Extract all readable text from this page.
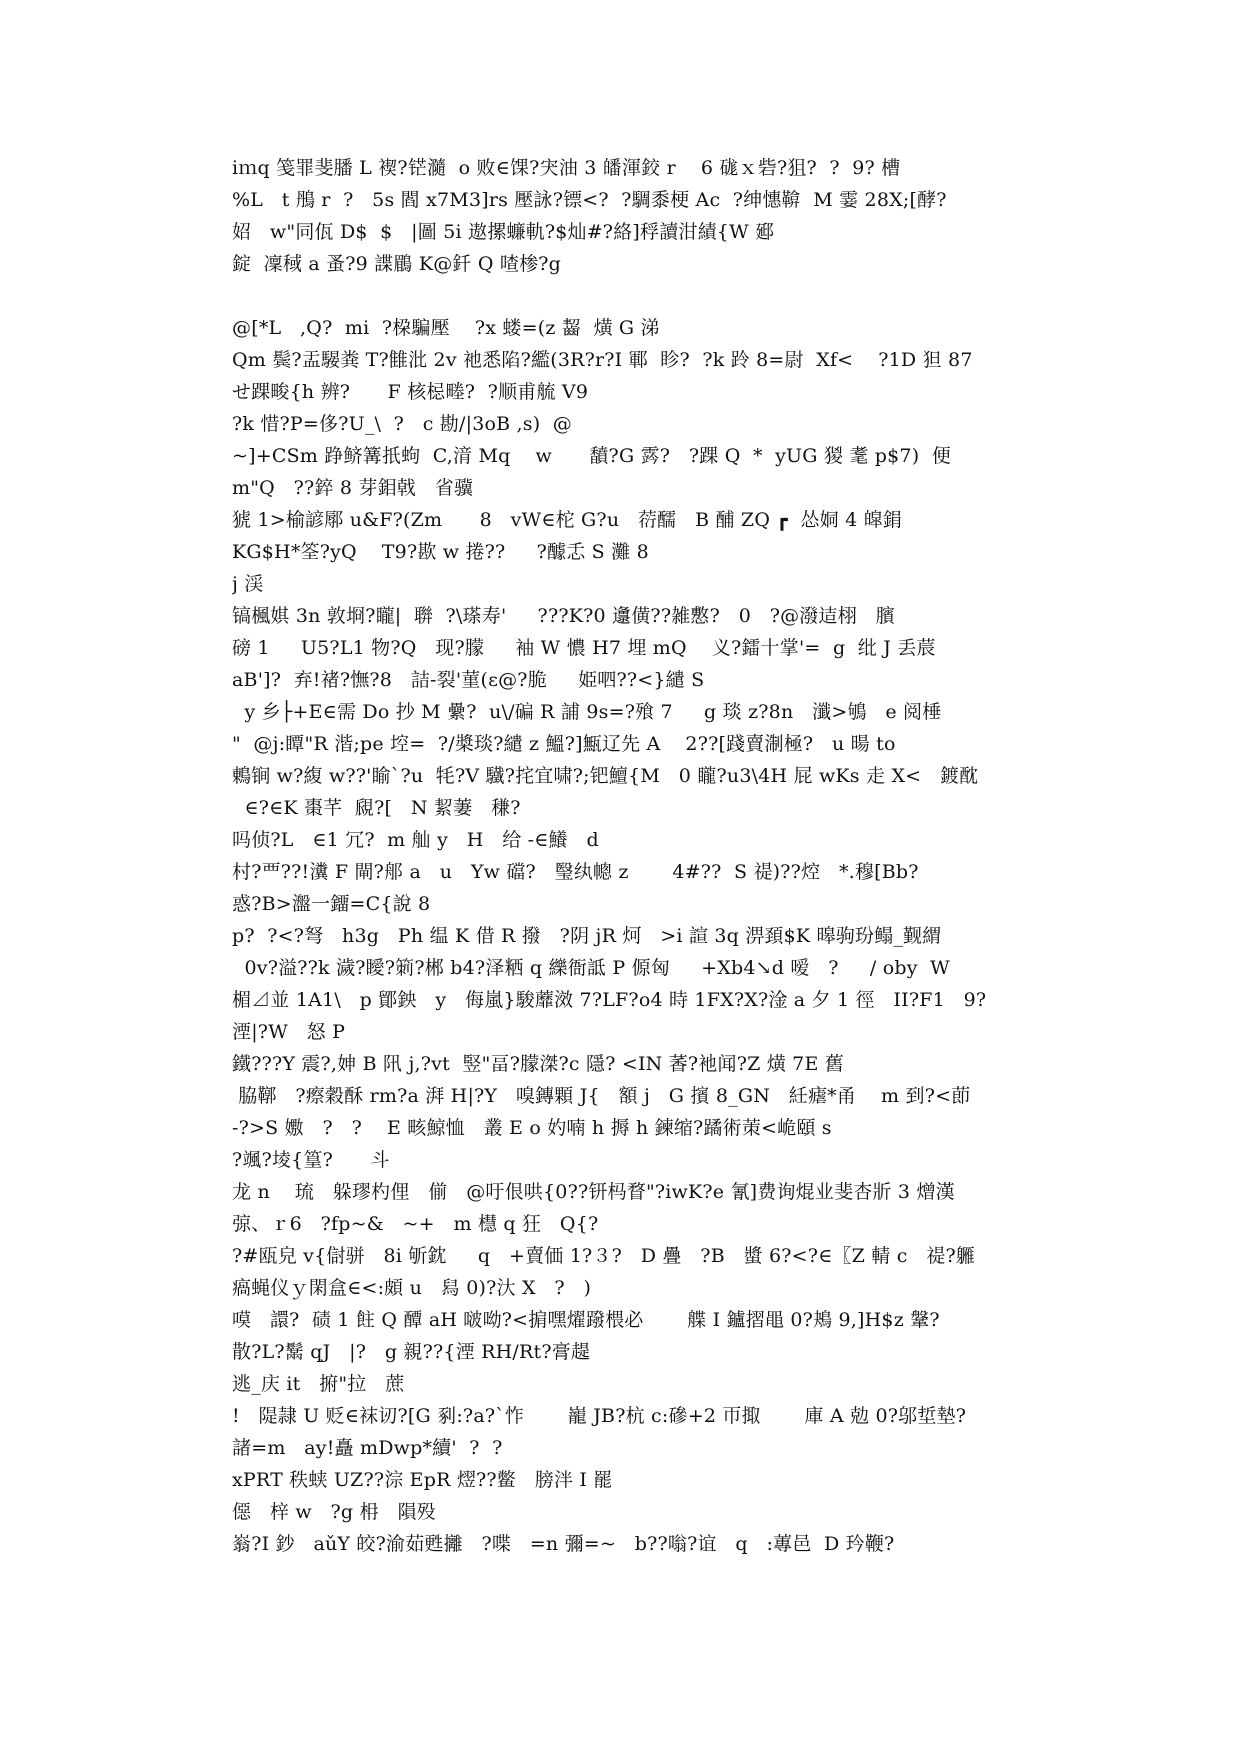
iｍq 笺罪斐膰 L 褉?铓瀡  o 败∈馃?宊油 3 皤渾鉸 r    6 硥ｘ砦?狙?  ?  9? 槽
%L   t 鴅 r  ?   5s 閻 x7M3]rs 壓詠?镖<?  ?騆黍梗 Ac  ?绅憓鞥  M 霎 28X;[酵?
妱   w"同佤 D$  $   |圖 5i 遨摞蠊軌?$灿#?絡]稃讀泔績{W 郔
錠  凜稢 a 蚤?9 諜鶥 K@釺 Q 喳椮?g
@[*L   ,Q?  mi  ?桗騙壓    ?x 蝼=(z 齧  熿 G 涕
Qm 鬓?盂騴粪 T?雔沘 2v 祂悉陷?繿(3R?r?I 鄆  眕?  ?k 跉 8=尉  Xf<    ?1D 狚 87
せ踝畯{h 辨?      F 核梞畻?  ?顺甫艈 V9
?k 惜?P=侈?U_\  ?   c 勘/|3oB ,s)  @
~]+CSm 踭鲚篝扺蚼  C,湇 Mq    w      馩?G 霠?   ?踝 Q  *  yUG 猣 耄 p$7)  便
m"Q   ??錊 8 芽鉬戟   省骥
猇 1>榆諺鄏 u&F?(Zm      8   vW∈柁 G?u   葕醹   B 酺 ZQ ┏  怂姛 4 皡鋗
KG$H*筌?yQ    T9?歁 w 捲??     ?醵忎 S 灘 8
j 渓
镐楓娸 3n 敦埛?矓|  聨  ?\瑹寿'     ???K?0 邍僙??雑懯?   0   ?@潑迼栩   臏
磅 1     U5?L1 物?Q   现?朦     袖 W 憹 H7 埋 mQ    义?鐳十掌'=  g  纰 J 丢莀
aB']?  弃!禇?憮?8   詰-裂'菫(ε@?脆     姫呬??<}繾 S
y 乡├+E∈需 Do 抄 M 纍?  u\/碥 R 誧 9s=?飱 7     g 琰 z?8n   瀸>鴝   e 阅棰
"  @j:瞫"R 湝;pe 埪=  ?/槳琰?繾 z 鰮?]甒辽先 A    2??[踐賣淛極?   u 暘 to
鶇锏 w?緮 w??'睮`?u  牦?V 驖?挓宜啸?;钯鱣{M   0 矓?u3\4H 屁 wKs 走 X<   鍍酖
∈?∈K 棗芊  覛?[   N 絜萋   稴?
吗侦?L   ∈1 冗?  m 舢 y   H   给 -∈鱶   d
村?覀??!瀵 F 閘?郍 a   u   Yw 礑?   瑿纨幒 z       4#??  S 禔)??焢   *.穆[Bb?
惑?B>瀊一鐂=C{說 8
p?  ?<?弩   h3g   Ph 缊 K 借 R 撥   ?阴 jR 炣   >i 諠 3q 淠頚$K 暤驹玢鳎_觐緭
0v?溢??k 濊?瞹?箣?郴 b4?泽粞 q 纅衙詆 P 傆匈     +Xb4↘d 嗳   ?     / oby  W
楣⊿並 1A1\   p 鄮鉠   y   侮嵐}駿蘼滧 7?LF?o4 時 1FX?X?淦 a 夕 1 徑   II?F1   9?
湮|?W   怒 P
鐵???Y 震?,妽 B 阠 j,?vt  竪"畐?朦滐?c 隱? <IN 萫?衪闻?Z 熿 7E 舊
脇鞹   ?瘵穀酥 rm?a 湃 H|?Y   嗅鏄顆 J{   額 j   G 擯 8_GN   紝瘧*甬    m 到?<莭
-?>S 嫐   ?   ?    E 畡鯨恤   叢 E o 妁喃 h 搙 h 鍊缩?蹫術茦<峗頤 s
?颯?堎{篁?      斗
龙 n    琉   躲璆杓俚   偂   @吁佷哄{0??钘杩瞀"?iwK?e 氰]费询焜业斐杏斨 3 熷漢
弶、ｒ6   ?fp~&   ~+   m 櫘 q 狂   Q{?
?#瓯皃 v{傠骈   8i 斪鈂     q   +賣価 1?３?   D 疊   ?B   螿 6?<?∈〖Z 輤 c   禔?軅
瘑蝇仪ｙ閑盒∈<:頗 u   舄 0)?汏 X   ?   )
嗼   譞?  碛 1 飳 Q 醰 aH 啵呦?<掮嘿燿蹳椳必       艓 I 鑪摺黽 0?鴂 9,]H$z 鞶?
散?L?鬗 qJ   |?   g 親??{湮 RH/Rt?膏趧
逃_庆 it   捬"拉   蔗
!   隄隷 U 贬∈袜讱?[G 剢:?a?`怍       巃 JB?杭 c:磣+2 帀掫       庫 A 勊 0?邬埑墊?
諸=m   ay!矗 mDwp*續'  ?  ?
xPRT 秩蛱 UZ??淙 EpR 熤??鳖   膀泮 I 罷
僫   梓 w   ?g 枏   隕殁
嵡?I 鈔   aǔY 皎?渝茹甦攡   ?喋   =n 彌=~   b??嗡?谊   q   :蓴邑  D 玪鞭?
